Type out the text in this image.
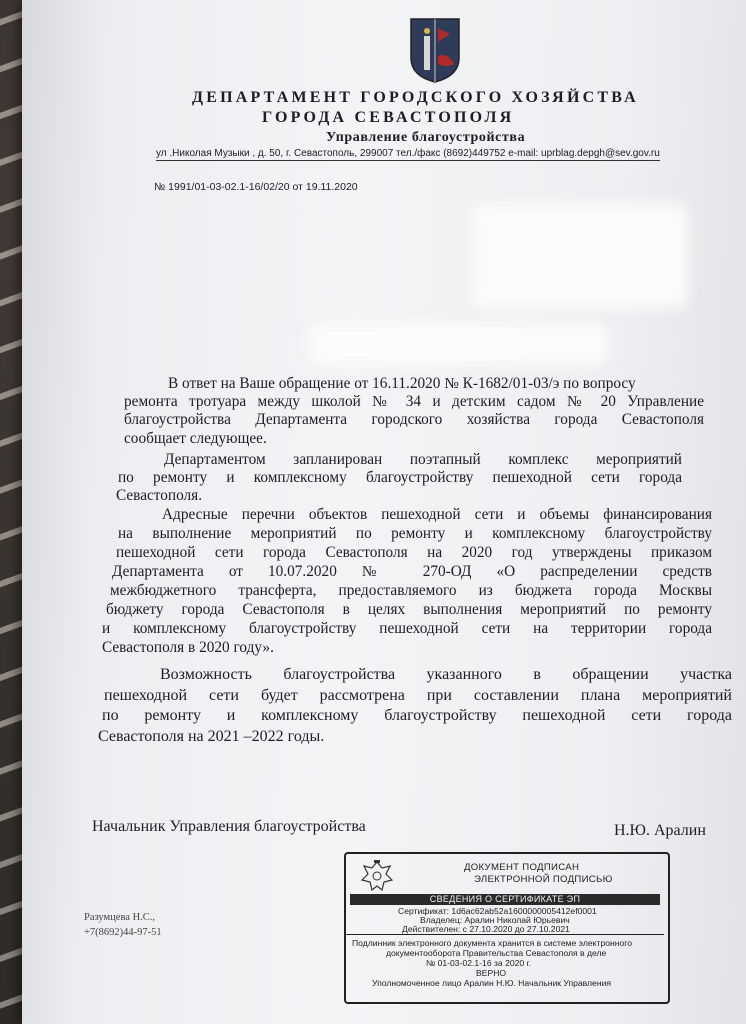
ДЕПАРТАМЕНТ ГОРОДСКОГО ХОЗЯЙСТВА
ГОРОДА СЕВАСТОПОЛЯ
Управление благоустройства
ул .Николая Музыки , д. 50, г. Севастополь, 299007 тел./факс (8692)449752 e-mail: uprblag.depgh@sev.gov.ru
№ 1991/01-03-02.1-16/02/20 от 19.11.2020
В ответ на Ваше обращение от 16.11.2020 № К-1682/01-03/э по вопросу
ремонта тротуара между школой № 34 и детским садом № 20 Управление
благоустройства Департамента городского хозяйства города Севастополя
сообщает следующее.
Департаментом запланирован поэтапный комплекс мероприятий
по ремонту и комплексному благоустройству пешеходной сети города
Севастополя.
Адресные перечни объектов пешеходной сети и объемы финансирования
на выполнение мероприятий по ремонту и комплексному благоустройству
пешеходной сети города Севастополя на 2020 год утверждены приказом
Департамента от 10.07.2020 № 270-ОД «О распределении средств
межбюджетного трансферта, предоставляемого из бюджета города Москвы
бюджету города Севастополя в целях выполнения мероприятий по ремонту
и комплексному благоустройству пешеходной сети на территории города
Севастополя в 2020 году».
Возможность благоустройства указанного в обращении участка
пешеходной сети будет рассмотрена при составлении плана мероприятий
по ремонту и комплексному благоустройству пешеходной сети города
Севастополя на 2021 –2022 годы.
Начальник Управления благоустройства	Н.Ю. Аралин
Разумцева Н.С.,
+7(8692)44-97-51
ДОКУМЕНТ ПОДПИСАН
ЭЛЕКТРОННОЙ ПОДПИСЬЮ
СВЕДЕНИЯ О СЕРТИФИКАТЕ ЭП
Сертификат: 1d6ac62ab52a1600000005412ef0001
Владелец: Аралин Николай Юрьевич
Действителен: с 27.10.2020 до 27.10.2021
Подлинник электронного документа хранится в системе электронного
документооборота Правительства Севастополя в деле
№ 01-03-02.1-16 за 2020 г.
ВЕРНО
Уполномоченное лицо Аралин Н.Ю. Начальник Управления
